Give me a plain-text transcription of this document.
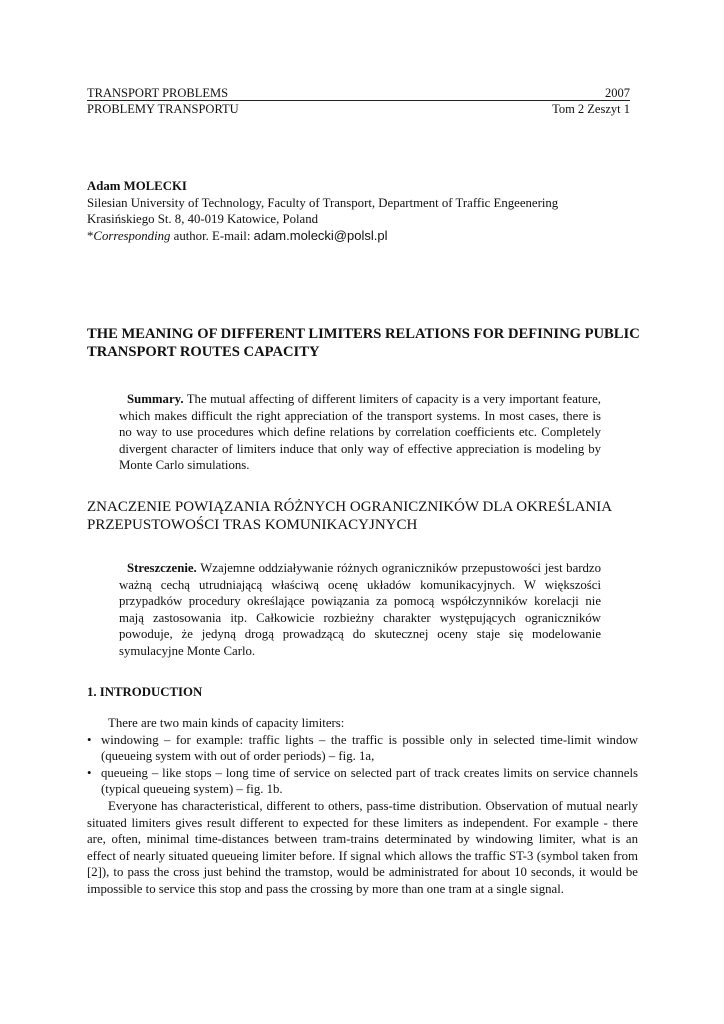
TRANSPORT PROBLEMS	2007
PROBLEMY TRANSPORTU	Tom 2 Zeszyt 1
Adam MOLECKI
Silesian University of Technology, Faculty of Transport, Department of Traffic Engeenering
Krasińskiego St. 8, 40-019 Katowice, Poland
*Corresponding author. E-mail: adam.molecki@polsl.pl
THE MEANING OF DIFFERENT LIMITERS RELATIONS FOR DEFINING PUBLIC TRANSPORT ROUTES CAPACITY
Summary. The mutual affecting of different limiters of capacity is a very important feature, which makes difficult the right appreciation of the transport systems. In most cases, there is no way to use procedures which define relations by correlation coefficients etc. Completely divergent character of limiters induce that only way of effective appreciation is modeling by Monte Carlo simulations.
ZNACZENIE POWIĄZANIA RÓŻNYCH OGRANICZNIKÓW DLA OKREŚLANIA PRZEPUSTOWOŚCI TRAS KOMUNIKACYJNYCH
Streszczenie. Wzajemne oddziaływanie różnych ograniczników przepustowości jest bardzo ważną cechą utrudniającą właściwą ocenę układów komunikacyjnych. W większości przypadków procedury określające powiązania za pomocą współczynników korelacji nie mają zastosowania itp. Całkowicie rozbieżny charakter występujących ograniczników powoduje, że jedyną drogą prowadzącą do skutecznej oceny staje się modelowanie symulacyjne Monte Carlo.
1. INTRODUCTION
There are two main kinds of capacity limiters:
• windowing – for example: traffic lights – the traffic is possible only in selected time-limit window (queueing system with out of order periods) – fig. 1a,
• queueing – like stops – long time of service on selected part of track creates limits on service channels (typical queueing system) – fig. 1b.
Everyone has characteristical, different to others, pass-time distribution. Observation of mutual nearly situated limiters gives result different to expected for these limiters as independent. For example - there are, often, minimal time-distances between tram-trains determinated by windowing limiter, what is an effect of nearly situated queueing limiter before. If signal which allows the traffic ST-3 (symbol taken from [2]), to pass the cross just behind the tramstop, would be administrated for about 10 seconds, it would be impossible to service this stop and pass the crossing by more than one tram at a single signal.
